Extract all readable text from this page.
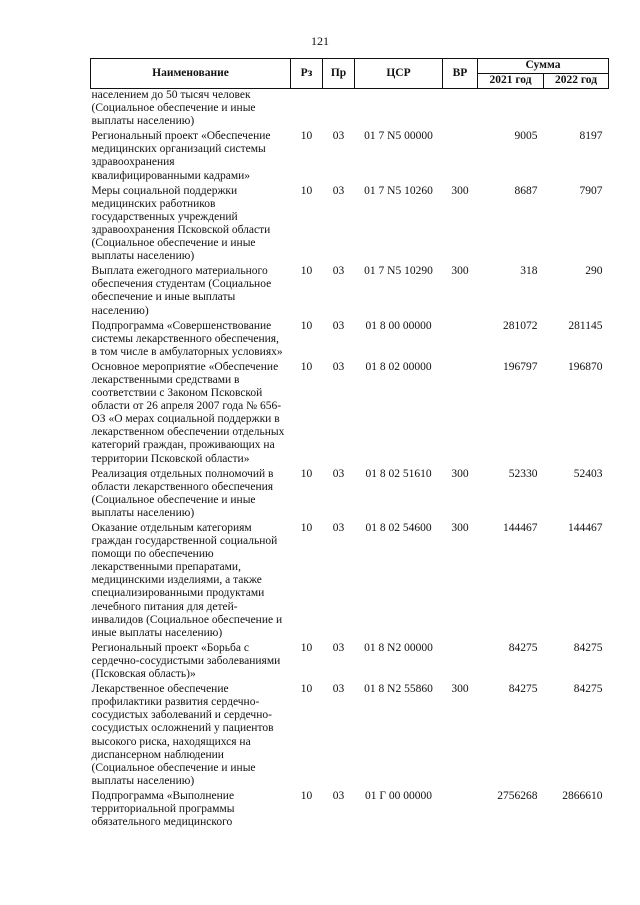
121
Наименование	Рз	Пр	ЦСР	ВР	Сумма	
					2021 год	2022 год
населением до 50 тысяч человек (Социальное обеспечение и иные выплаты населению)						
Региональный проект «Обеспечение медицинских организаций системы здравоохранения квалифицированными кадрами»	10	03	01 7 N5 00000		9005	8197
Меры социальной поддержки медицинских работников государственных учреждений здравоохранения Псковской области (Социальное обеспечение и иные выплаты населению)	10	03	01 7 N5 10260	300	8687	7907
Выплата ежегодного материального обеспечения студентам (Социальное обеспечение и иные выплаты населению)	10	03	01 7 N5 10290	300	318	290
Подпрограмма «Совершенствование системы лекарственного обеспечения, в том числе в амбулаторных условиях»	10	03	01 8 00 00000		281072	281145
Основное мероприятие «Обеспечение лекарственными средствами в соответствии с Законом Псковской области от 26 апреля 2007 года № 656-ОЗ «О мерах социальной поддержки в лекарственном обеспечении отдельных категорий граждан, проживающих на территории Псковской области»	10	03	01 8 02 00000		196797	196870
Реализация отдельных полномочий в области лекарственного обеспечения (Социальное обеспечение и иные выплаты населению)	10	03	01 8 02 51610	300	52330	52403
Оказание отдельным категориям граждан государственной социальной помощи по обеспечению лекарственными препаратами, медицинскими изделиями, а также специализированными продуктами лечебного питания для детей-инвалидов (Социальное обеспечение и иные выплаты населению)	10	03	01 8 02 54600	300	144467	144467
Региональный проект «Борьба с сердечно-сосудистыми заболеваниями (Псковская область)»	10	03	01 8 N2 00000		84275	84275
Лекарственное обеспечение профилактики развития сердечно-сосудистых заболеваний и сердечно-сосудистых осложнений у пациентов высокого риска, находящихся на диспансерном наблюдении (Социальное обеспечение и иные выплаты населению)	10	03	01 8 N2 55860	300	84275	84275
Подпрограмма «Выполнение территориальной программы обязательного медицинского	10	03	01 Г 00 00000		2756268	2866610
